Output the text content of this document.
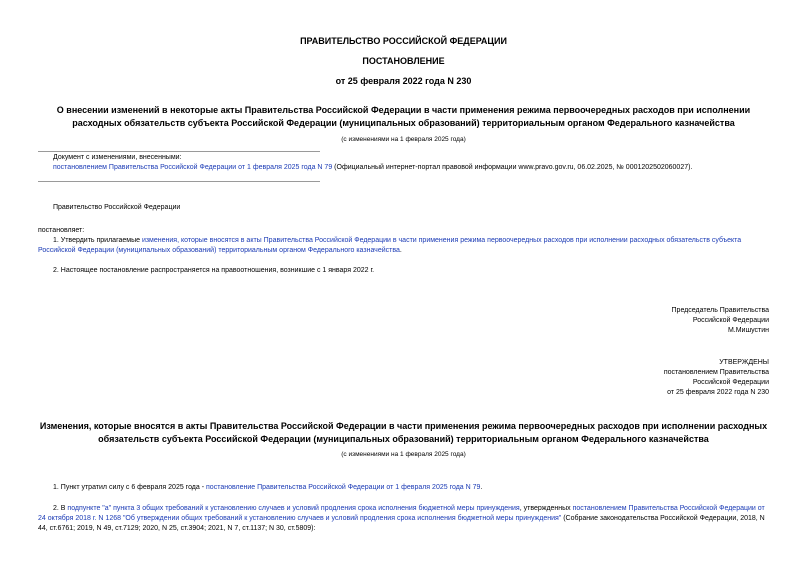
ПРАВИТЕЛЬСТВО РОССИЙСКОЙ ФЕДЕРАЦИИ
ПОСТАНОВЛЕНИЕ
от 25 февраля 2022 года N 230

О внесении изменений в некоторые акты Правительства Российской Федерации в части применения режима первоочередных расходов при исполнении

расходных обязательств субъекта Российской Федерации (муниципальных образований) территориальным органом Федерального казначейства

(с изменениями на 1 февраля 2025 года)

Документ с изменениями, внесенными:

постановлением Правительства Российской Федерации от 1 февраля 2025 года N 79 (Официальный интернет-портал правовой информации www.pravo.gov.ru, 06.02.2025, № 0001202502060027).

Правительство Российской Федерации
постановляет:
1. Утвердить прилагаемые изменения, которые вносятся в акты Правительства Российской Федерации в части применения режима первоочередных расходов при исполнении расходных обязательств субъекта Российской Федерации (муниципальных образований) территориальным органом Федерального казначейства.
2. Настоящее постановление распространяется на правоотношения, возникшие с 1 января 2022 г.

Председатель Правительства

Российской Федерации

М.Мишустин

УТВЕРЖДЕНЫ

постановлением Правительства

Российской Федерации

от 25 февраля 2022 года N 230

Изменения, которые вносятся в акты Правительства Российской Федерации в части применения режима первоочередных расходов при исполнении расходных

обязательств субъекта Российской Федерации (муниципальных образований) территориальным органом Федерального казначейства

(с изменениями на 1 февраля 2025 года)
1. Пункт утратил силу с 6 февраля 2025 года - постановление Правительства Российской Федерации от 1 февраля 2025 года N 79.
2. В подпункте "а" пункта 3 общих требований к установлению случаев и условий продления срока исполнения бюджетной меры принуждения, утвержденных постановлением Правительства Российской Федерации от 24 октября 2018 г. N 1268 "Об утверждении общих требований к установлению случаев и условий продления срока исполнения бюджетной меры принуждения" (Собрание законодательства Российской Федерации, 2018, N 44, ст.6761; 2019, N 49, ст.7129; 2020, N 25, ст.3904; 2021, N 7, ст.1137; N 30, ст.5809):
